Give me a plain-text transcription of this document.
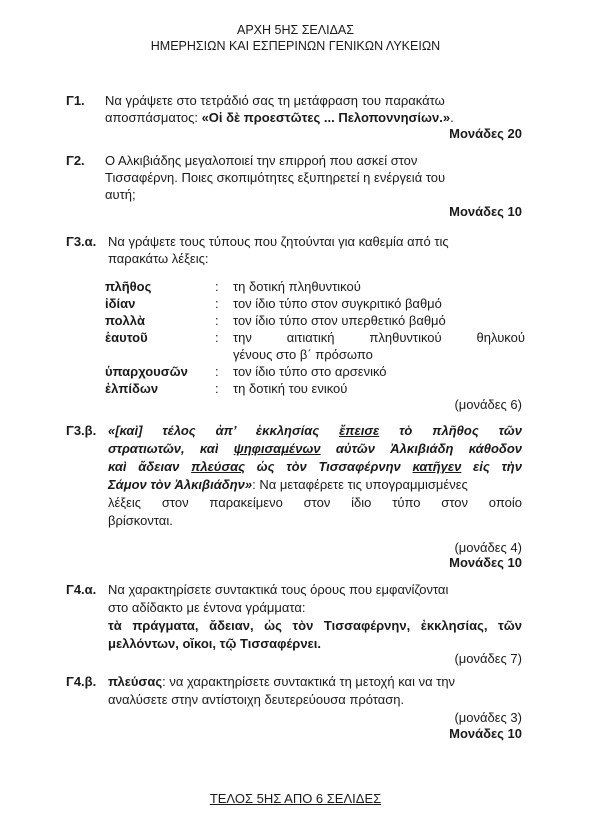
ΑΡΧΗ 5ΗΣ ΣΕΛΙΔΑΣ
ΗΜΕΡΗΣΙΩΝ ΚΑΙ ΕΣΠΕΡΙΝΩΝ ΓΕΝΙΚΩΝ ΛΥΚΕΙΩΝ
Γ1. Να γράψετε στο τετράδιό σας τη μετάφραση του παρακάτω
αποσπάσματος: «Οἱ δὲ προεστῶτες ... Πελοποννησίων.».
Μονάδες 20
Γ2. Ο Αλκιβιάδης μεγαλοποιεί την επιρροή που ασκεί στον
Τισσαφέρνη. Ποιες σκοπιμότητες εξυπηρετεί η ενέργειά του
αυτή;
Μονάδες 10
Γ3.α. Να γράψετε τους τύπους που ζητούνται για καθεμία από τις
παρακάτω λέξεις:
πλῆθος	:	τη δοτική πληθυντικού
ἰδίαν	:	τον ίδιο τύπο στον συγκριτικό βαθμό
πολλὰ	:	τον ίδιο τύπο στον υπερθετικό βαθμό
ἑαυτοῦ	:	την αιτιατική πληθυντικού θηλυκού
γένους στο β΄ πρόσωπο
ὑπαρχουσῶν	:	τον ίδιο τύπο στο αρσενικό
ἐλπίδων	:	τη δοτική του ενικού
(μονάδες 6)
Γ3.β. «[καὶ] τέλος ἀπ’ ἐκκλησίας ἔπεισε τὸ πλῆθος τῶν
στρατιωτῶν, καὶ ψηφισαμένων αὐτῶν Ἀλκιβιάδη κάθοδον
καὶ ἄδειαν πλεύσας ὡς τὸν Τισσαφέρνην κατῆγεν εἰς τὴν
Σάμον τὸν Ἀλκιβιάδην»: Να μεταφέρετε τις υπογραμμισμένες
λέξεις στον παρακείμενο στον ίδιο τύπο στον οποίο
βρίσκονται.
(μονάδες 4)
Μονάδες 10
Γ4.α. Να χαρακτηρίσετε συντακτικά τους όρους που εμφανίζονται
στο αδίδακτο με έντονα γράμματα:
τὰ πράγματα, ἄδειαν, ὡς τὸν Τισσαφέρνην, ἐκκλησίας, τῶν
μελλόντων, οἴκοι, τῷ Τισσαφέρνει.
(μονάδες 7)
Γ4.β. πλεύσας: να χαρακτηρίσετε συντακτικά τη μετοχή και να την
αναλύσετε στην αντίστοιχη δευτερεύουσα πρόταση.
(μονάδες 3)
Μονάδες 10
ΤΕΛΟΣ 5ΗΣ ΑΠΟ 6 ΣΕΛΙΔΕΣ
